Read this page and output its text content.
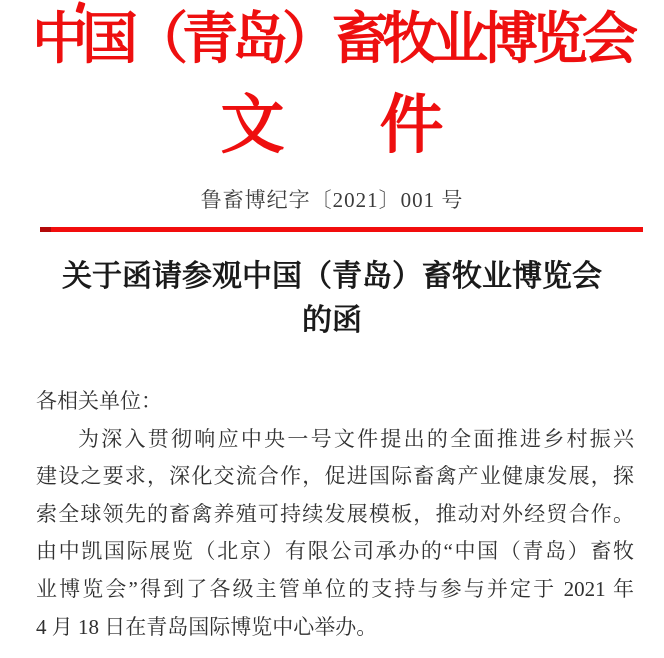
中国（青岛）畜牧业博览会
文 件
鲁畜博纪字〔2021〕001 号
关于函请参观中国（青岛）畜牧业博览会
的函
各相关单位：
为深入贯彻响应中央一号文件提出的全面推进乡村振兴
建设之要求，深化交流合作，促进国际畜禽产业健康发展，探
索全球领先的畜禽养殖可持续发展模板，推动对外经贸合作。
由中凯国际展览（北京）有限公司承办的“中国（青岛）畜牧
业博览会”得到了各级主管单位的支持与参与并定于 2021 年
4 月 18 日在青岛国际博览中心举办。
